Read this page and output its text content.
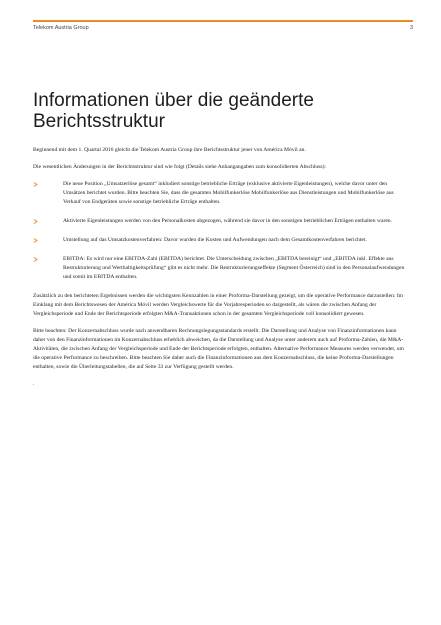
Telekom Austria Group	3
Informationen über die geänderte Berichtsstruktur

Beginnend mit dem 1. Quartal 2016 gleicht die Telekom Austria Group ihre Berichtsstruktur jener von América Móvil an.

Die wesentlichen Änderungen in der Berichtsstruktur sind wie folgt (Details siehe Anhangangaben zum konsolidierten Abschluss):

Die neue Position „Umsatzerlöse gesamt“ inkludiert sonstige betriebliche Erträge (exklusive aktivierte Eigenleistungen), welche davor unter den Umsätzen berichtet wurden. Bitte beachten Sie, dass die gesamten Mobilfunkerlöse Mobilfunkerlöse aus Dienstleistungen und Mobilfunkerlöse aus Verkauf von Endgeräten sowie sonstige betriebliche Erträge enthalten.
Aktivierte Eigenleistungen werden von den Personalkosten abgezogen, während sie davor in den sonstigen betrieblichen Erträgen enthalten waren.
Umstellung auf das Umsatzkostenverfahren: Davor wurden die Kosten und Aufwendungen nach dem Gesamtkostenverfahren berichtet.
EBITDA: Es wird nur eine EBITDA-Zahl (EBITDA) berichtet. Die Unterscheidung zwischen „EBITDA bereinigt“ und „EBITDA inkl. Effekte aus Restrukturierung und Werthaltigkeitsprüfung“ gibt es nicht mehr. Die Restrukturierungseffekte (Segment Österreich) sind in den Personalaufwendungen und somit im EBITDA enthalten.

Zusätzlich zu den berichteten Ergebnissen werden die wichtigsten Kennzahlen in einer Proforma-Darstellung gezeigt, um die operative Performance darzustellen: Im Einklang mit dem Berichtswesen der América Móvil werden Vergleichswerte für die Vorjahresperioden so dargestellt, als wären die zwischen Anfang der Vergleichsperiode und Ende der Berichtsperiode erfolgten M&A-Transaktionen schon in der gesamten Vergleichsperiode voll konsolidiert gewesen.

Bitte beachten: Der Konzernabschluss wurde nach anwendbaren Rechnungslegungsstandards erstellt. Die Darstellung und Analyse von Finanzinformationen kann daher von den Finanzinformationen im Konzernabschluss erheblich abweichen, da die Darstellung und Analyse unter anderem auch auf Proforma-Zahlen, die M&A-Aktivitäten, die zwischen Anfang der Vergleichsperiode und Ende der Berichtsperiode erfolgten, enthalten. Alternative Performance Measures werden verwendet, um die operative Performance zu beschreiben. Bitte beachten Sie daher auch die Finanzinformationen aus dem Konzernabschluss, die keine Proforma-Darstellungen enthalten, sowie die Überleitungstabellen, die auf Seite 33 zur Verfügung gestellt werden.

.
